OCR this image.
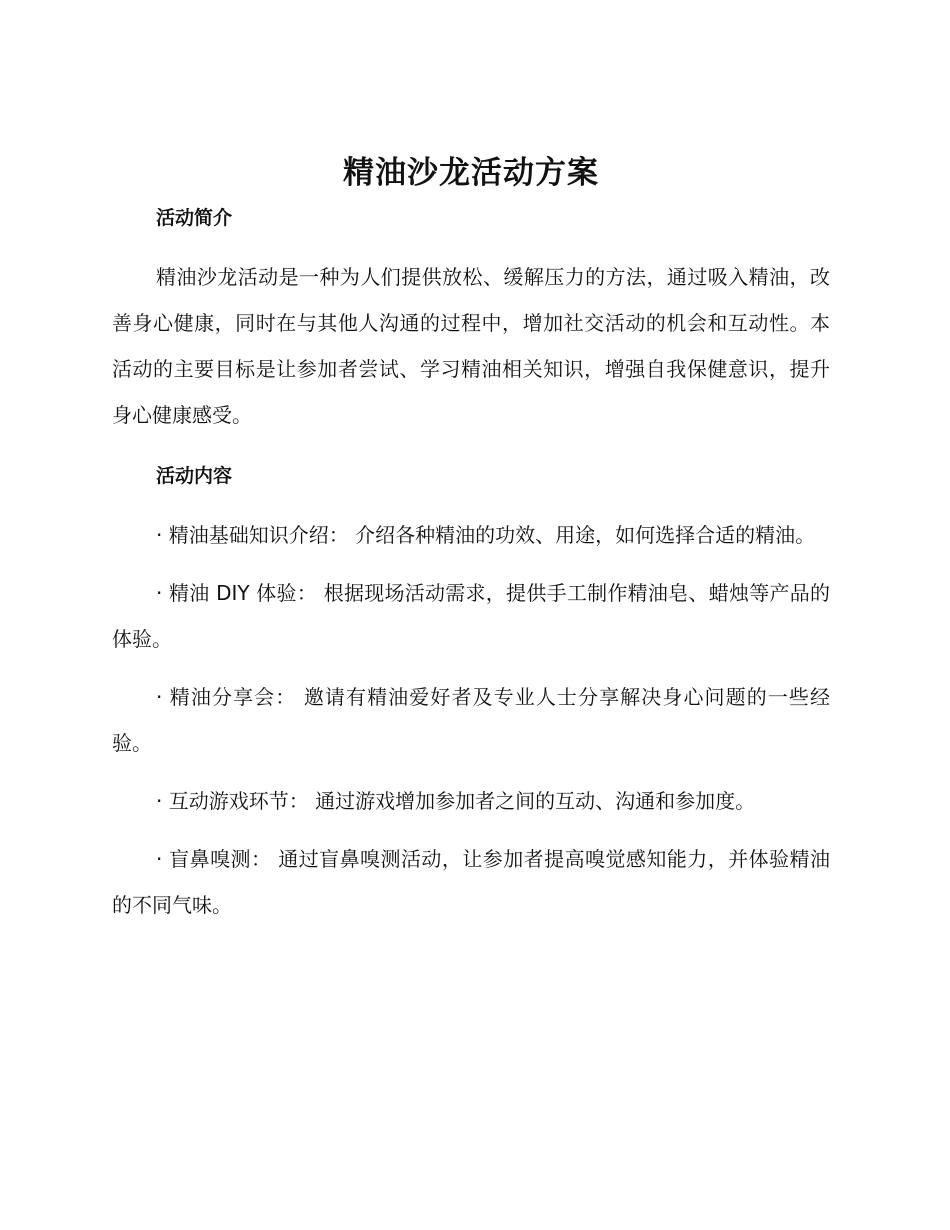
精油沙龙活动方案
活动简介

精油沙龙活动是一种为人们提供放松、缓解压力的方法，通过吸入精油，改善身心健康，同时在与其他人沟通的过程中，增加社交活动的机会和互动性。本活动的主要目标是让参加者尝试、学习精油相关知识，增强自我保健意识，提升身心健康感受。

活动内容

· 精油基础知识介绍： 介绍各种精油的功效、用途，如何选择合适的精油。

· 精油 DIY 体验： 根据现场活动需求，提供手工制作精油皂、蜡烛等产品的体验。

· 精油分享会： 邀请有精油爱好者及专业人士分享解决身心问题的一些经验。

· 互动游戏环节： 通过游戏增加参加者之间的互动、沟通和参加度。

· 盲鼻嗅测： 通过盲鼻嗅测活动，让参加者提高嗅觉感知能力，并体验精油的不同气味。
